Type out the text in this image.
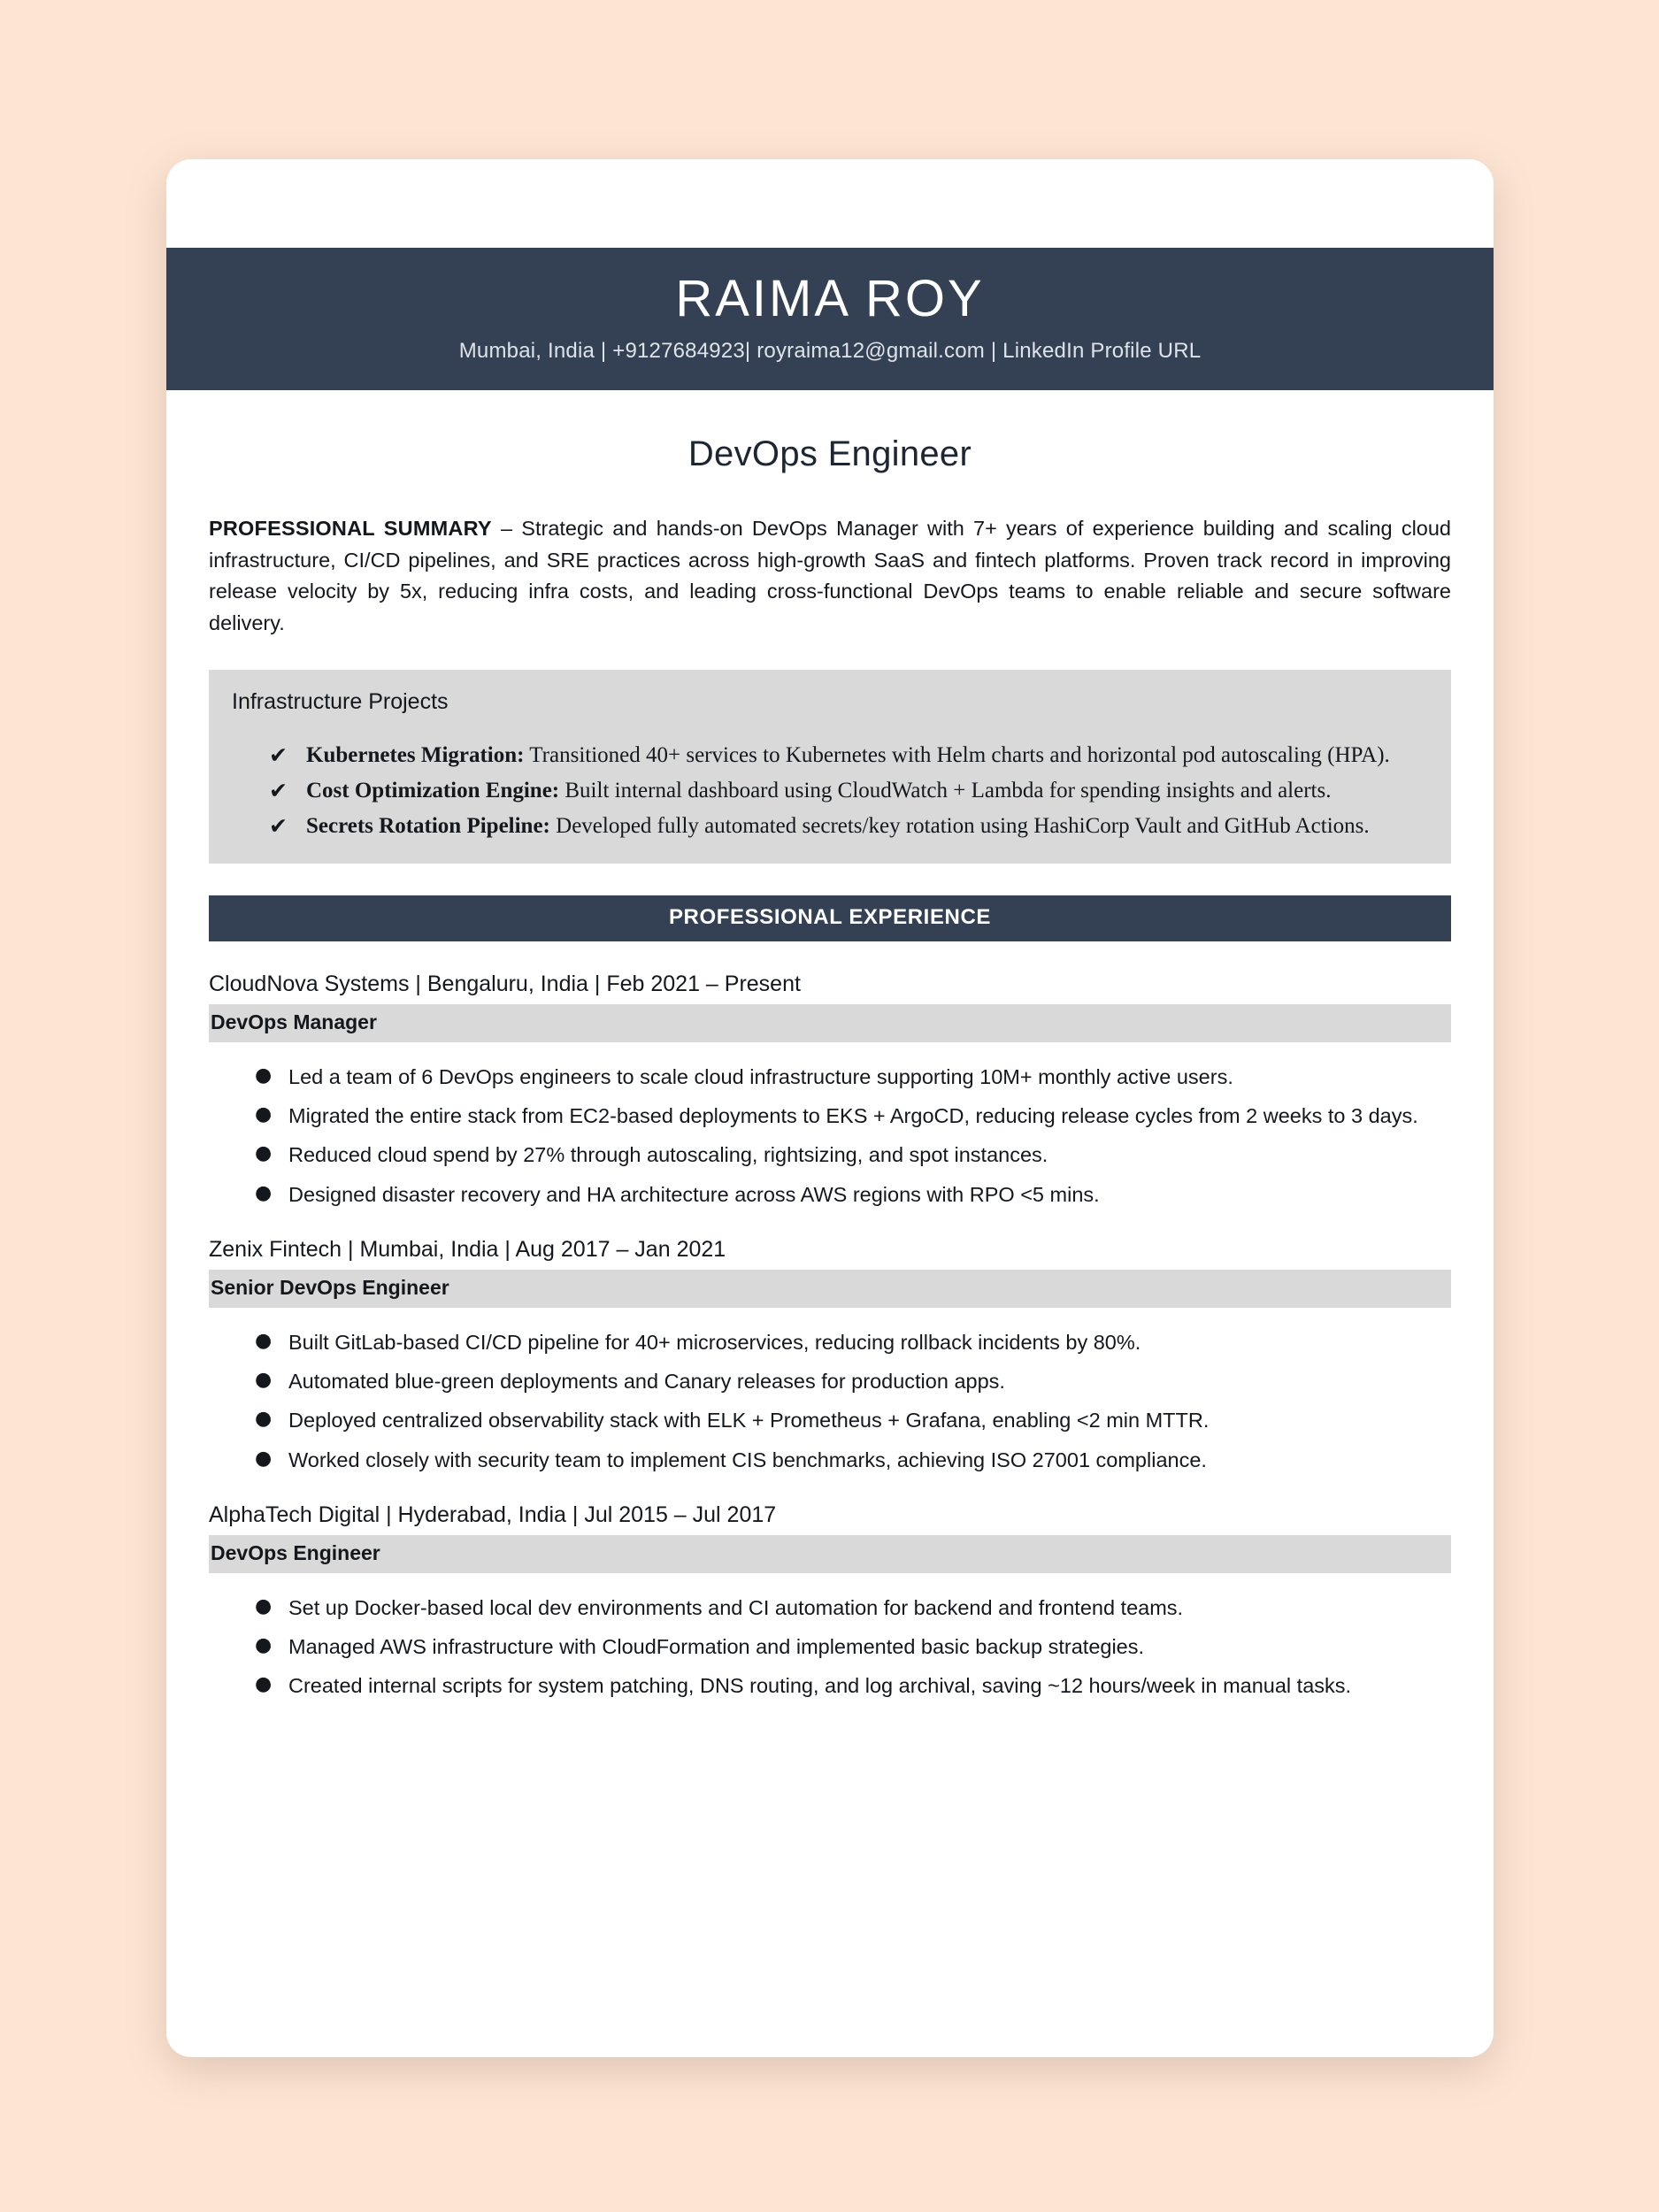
RAIMA ROY
Mumbai, India | +9127684923| royraima12@gmail.com | LinkedIn Profile URL
DevOps Engineer

PROFESSIONAL SUMMARY – Strategic and hands-on DevOps Manager with 7+ years of experience building and scaling cloud infrastructure, CI/CD pipelines, and SRE practices across high-growth SaaS and fintech platforms. Proven track record in improving release velocity by 5x, reducing infra costs, and leading cross-functional DevOps teams to enable reliable and secure software delivery.

Infrastructure Projects
✔ Kubernetes Migration: Transitioned 40+ services to Kubernetes with Helm charts and horizontal pod autoscaling (HPA).
✔ Cost Optimization Engine: Built internal dashboard using CloudWatch + Lambda for spending insights and alerts.
✔ Secrets Rotation Pipeline: Developed fully automated secrets/key rotation using HashiCorp Vault and GitHub Actions.
PROFESSIONAL EXPERIENCE
CloudNova Systems | Bengaluru, India | Feb 2021 – Present
DevOps Manager
● Led a team of 6 DevOps engineers to scale cloud infrastructure supporting 10M+ monthly active users.
● Migrated the entire stack from EC2-based deployments to EKS + ArgoCD, reducing release cycles from 2 weeks to 3 days.
● Reduced cloud spend by 27% through autoscaling, rightsizing, and spot instances.
● Designed disaster recovery and HA architecture across AWS regions with RPO <5 mins.
Zenix Fintech | Mumbai, India | Aug 2017 – Jan 2021
Senior DevOps Engineer
● Built GitLab-based CI/CD pipeline for 40+ microservices, reducing rollback incidents by 80%.
● Automated blue-green deployments and Canary releases for production apps.
● Deployed centralized observability stack with ELK + Prometheus + Grafana, enabling <2 min MTTR.
● Worked closely with security team to implement CIS benchmarks, achieving ISO 27001 compliance.
AlphaTech Digital | Hyderabad, India | Jul 2015 – Jul 2017
DevOps Engineer
● Set up Docker-based local dev environments and CI automation for backend and frontend teams.
● Managed AWS infrastructure with CloudFormation and implemented basic backup strategies.
● Created internal scripts for system patching, DNS routing, and log archival, saving ~12 hours/week in manual tasks.
